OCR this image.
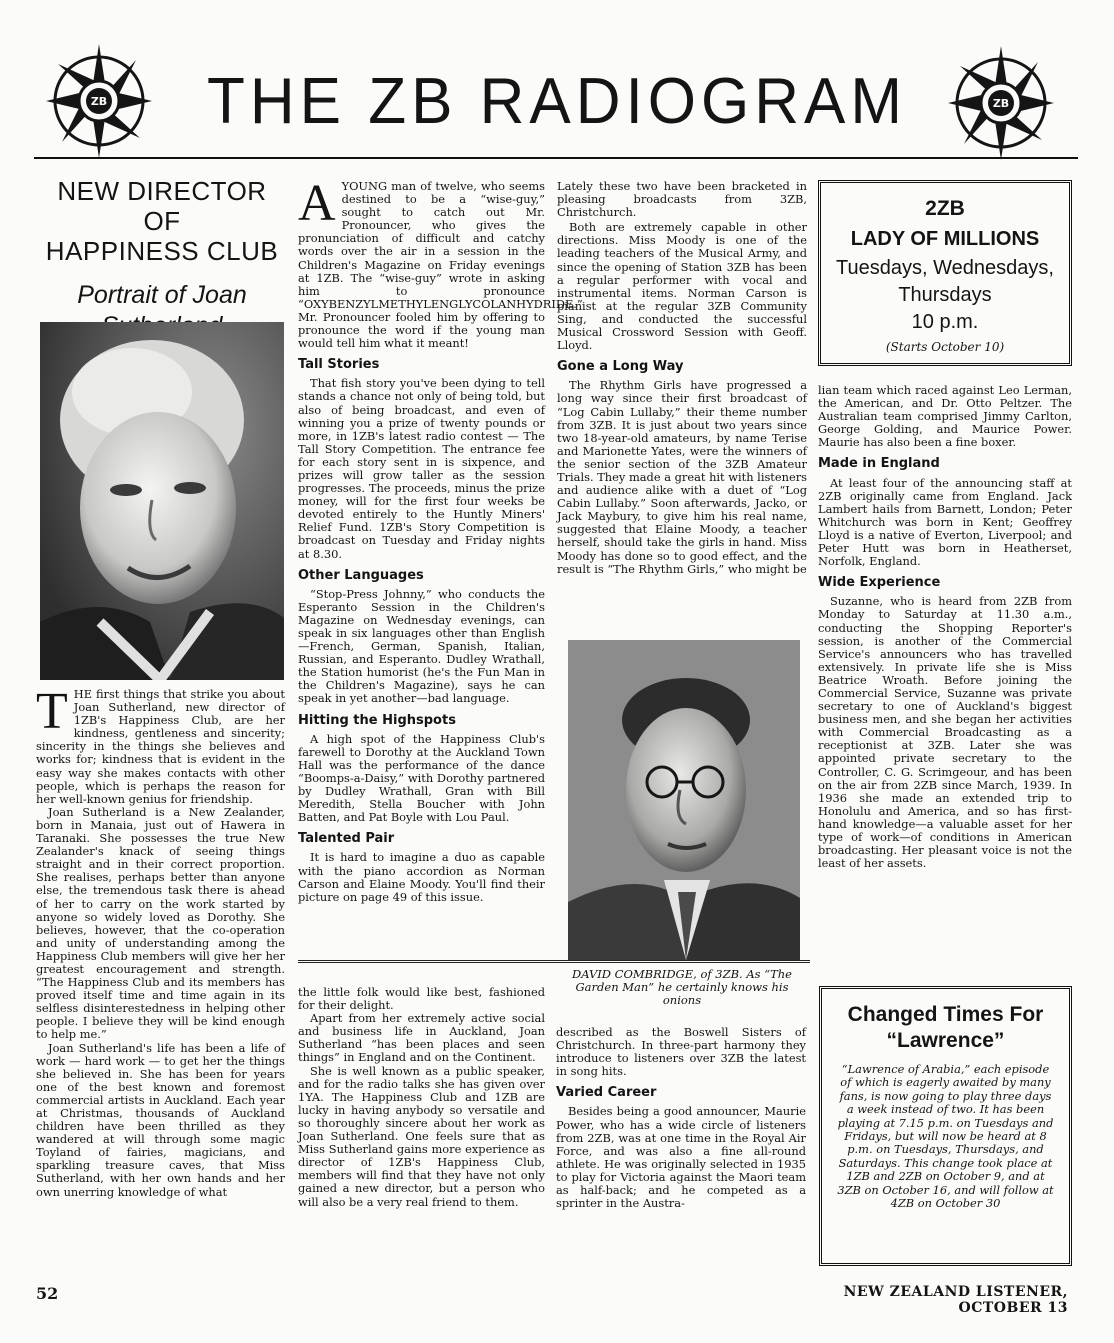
ZB	ZB
THE ZB RADIOGRAM
NEW DIRECTOR OF
HAPPINESS CLUB
Portrait of Joan

THE first things that strike you about Joan Sutherland, new director of 1ZB's Happiness Club, are her kindness, gentleness and sincerity; sincerity in the things she believes and works for; kindness that is evident in the easy way she makes contacts with other people, which is perhaps the reason for her well-known genius for friendship.

Joan Sutherland is a New Zealander, born in Manaia, just out of Hawera in Taranaki. She possesses the true New Zealander's knack of seeing things straight and in their correct proportion. She realises, perhaps better than anyone else, the tremendous task there is ahead of her to carry on the work started by anyone so widely loved as Dorothy. She believes, however, that the co-operation and unity of understanding among the Happiness Club members will give her her greatest encouragement and strength. “The Happiness Club and its members has proved itself time and time again in its selfless disinterestedness in helping other people. I believe they will be kind enough to help me.”

Joan Sutherland's life has been a life of work — hard work — to get her the things she believed in. She has been for years one of the best known and foremost commercial artists in Auckland. Each year at Christmas, thousands of Auckland children have been thrilled as they wandered at will through some magic Toyland of fairies, magicians, and sparkling treasure caves, that Miss Sutherland, with her own hands and her own unerring knowledge of what

AYOUNG man of twelve, who seems destined to be a “wise-guy,” sought to catch out Mr. Pronouncer, who gives the pronunciation of difficult and catchy words over the air in a session in the Children's Magazine on Friday evenings at 1ZB. The “wise-guy” wrote in asking him to pronounce “OXYBENZYLMETHYLENGLYCOLANHYDRIDE.” Mr. Pronouncer fooled him by offering to pronounce the word if the young man would tell him what it meant!

Tall Stories

That fish story you've been dying to tell stands a chance not only of being told, but also of being broadcast, and even of winning you a prize of twenty pounds or more, in 1ZB's latest radio contest — The Tall Story Competition. The entrance fee for each story sent in is sixpence, and prizes will grow taller as the session progresses. The proceeds, minus the prize money, will for the first four weeks be devoted entirely to the Huntly Miners' Relief Fund. 1ZB's Story Competition is broadcast on Tuesday and Friday nights at 8.30.

Other Languages

“Stop-Press Johnny,” who conducts the Esperanto Session in the Children's Magazine on Wednesday evenings, can speak in six languages other than English—French, German, Spanish, Italian, Russian, and Esperanto. Dudley Wrathall, the Station humorist (he's the Fun Man in the Children's Magazine), says he can speak in yet another—bad language.

Hitting the Highspots

A high spot of the Happiness Club's farewell to Dorothy at the Auckland Town Hall was the performance of the dance “Boomps-a-Daisy,” with Dorothy partnered by Dudley Wrathall, Gran with Bill Meredith, Stella Boucher with John Batten, and Pat Boyle with Lou Paul.

Talented Pair

It is hard to imagine a duo as capable with the piano accordion as Norman Carson and Elaine Moody. You'll find their picture on page 49 of this issue.

the little folk would like best, fashioned for their delight.

Apart from her extremely active social and business life in Auckland, Joan Sutherland “has been places and seen things” in England and on the Continent.

She is well known as a public speaker, and for the radio talks she has given over 1YA. The Happiness Club and 1ZB are lucky in having anybody so versatile and so thoroughly sincere about her work as Joan Sutherland. One feels sure that as Miss Sutherland gains more experience as director of 1ZB's Happiness Club, members will find that they have not only gained a new director, but a person who will also be a very real friend to them.

Lately these two have been bracketed in pleasing broadcasts from 3ZB, Christchurch.

Both are extremely capable in other directions. Miss Moody is one of the leading teachers of the Musical Army, and since the opening of Station 3ZB has been a regular performer with vocal and instrumental items. Norman Carson is pianist at the regular 3ZB Community Sing, and conducted the successful Musical Crossword Session with Geoff. Lloyd.

Gone a Long Way

The Rhythm Girls have progressed a long way since their first broadcast of “Log Cabin Lullaby,” their theme number from 3ZB. It is just about two years since two 18-year-old amateurs, by name Terise and Marionette Yates, were the winners of the senior section of the 3ZB Amateur Trials. They made a great hit with listeners and audience alike with a duet of “Log Cabin Lullaby.” Soon afterwards, Jacko, or Jack Maybury, to give him his real name, suggested that Elaine Moody, a teacher herself, should take the girls in hand. Miss Moody has done so to good effect, and the result is “The Rhythm Girls,” who might be

DAVID COMBRIDGE, of 3ZB. As “The Garden Man” he certainly knows his onions

described as the Boswell Sisters of Christchurch. In three-part harmony they introduce to listeners over 3ZB the latest in song hits.

Varied Career

Besides being a good announcer, Maurie Power, who has a wide circle of listeners from 2ZB, was at one time in the Royal Air Force, and was also a fine all-round athlete. He was originally selected in 1935 to play for Victoria against the Maori team as half-back; and he competed as a sprinter in the Austra-

2ZB
LADY OF MILLIONS
Tuesdays, Wednesdays,
Thursdays
10 p.m.
(Starts October 10)

lian team which raced against Leo Lerman, the American, and Dr. Otto Peltzer. The Australian team comprised Jimmy Carlton, George Golding, and Maurice Power. Maurie has also been a fine boxer.

Made in England

At least four of the announcing staff at 2ZB originally came from England. Jack Lambert hails from Barnett, London; Peter Whitchurch was born in Kent; Geoffrey Lloyd is a native of Everton, Liverpool; and Peter Hutt was born in Heatherset, Norfolk, England.

Wide Experience

Suzanne, who is heard from 2ZB from Monday to Saturday at 11.30 a.m., conducting the Shopping Reporter's session, is another of the Commercial Service's announcers who has travelled extensively. In private life she is Miss Beatrice Wroath. Before joining the Commercial Service, Suzanne was private secretary to one of Auckland's biggest business men, and she began her activities with Commercial Broadcasting as a receptionist at 3ZB. Later she was appointed private secretary to the Controller, C. G. Scrimgeour, and has been on the air from 2ZB since March, 1939. In 1936 she made an extended trip to Honolulu and America, and so has first-hand knowledge—a valuable asset for her type of work—of conditions in American broadcasting. Her pleasant voice is not the least of her assets.

Changed Times For
“Lawrence”
“Lawrence of Arabia,” each episode of which is eagerly awaited by many fans, is now going to play three days a week instead of two. It has been playing at 7.15 p.m. on Tuesdays and Fridays, but will now be heard at 8 p.m. on Tuesdays, Thursdays, and Saturdays. This change took place at 1ZB and 2ZB on October 9, and at 3ZB on October 16, and will follow at 4ZB on October 30
52	NEW ZEALAND LISTENER, OCTOBER 13
